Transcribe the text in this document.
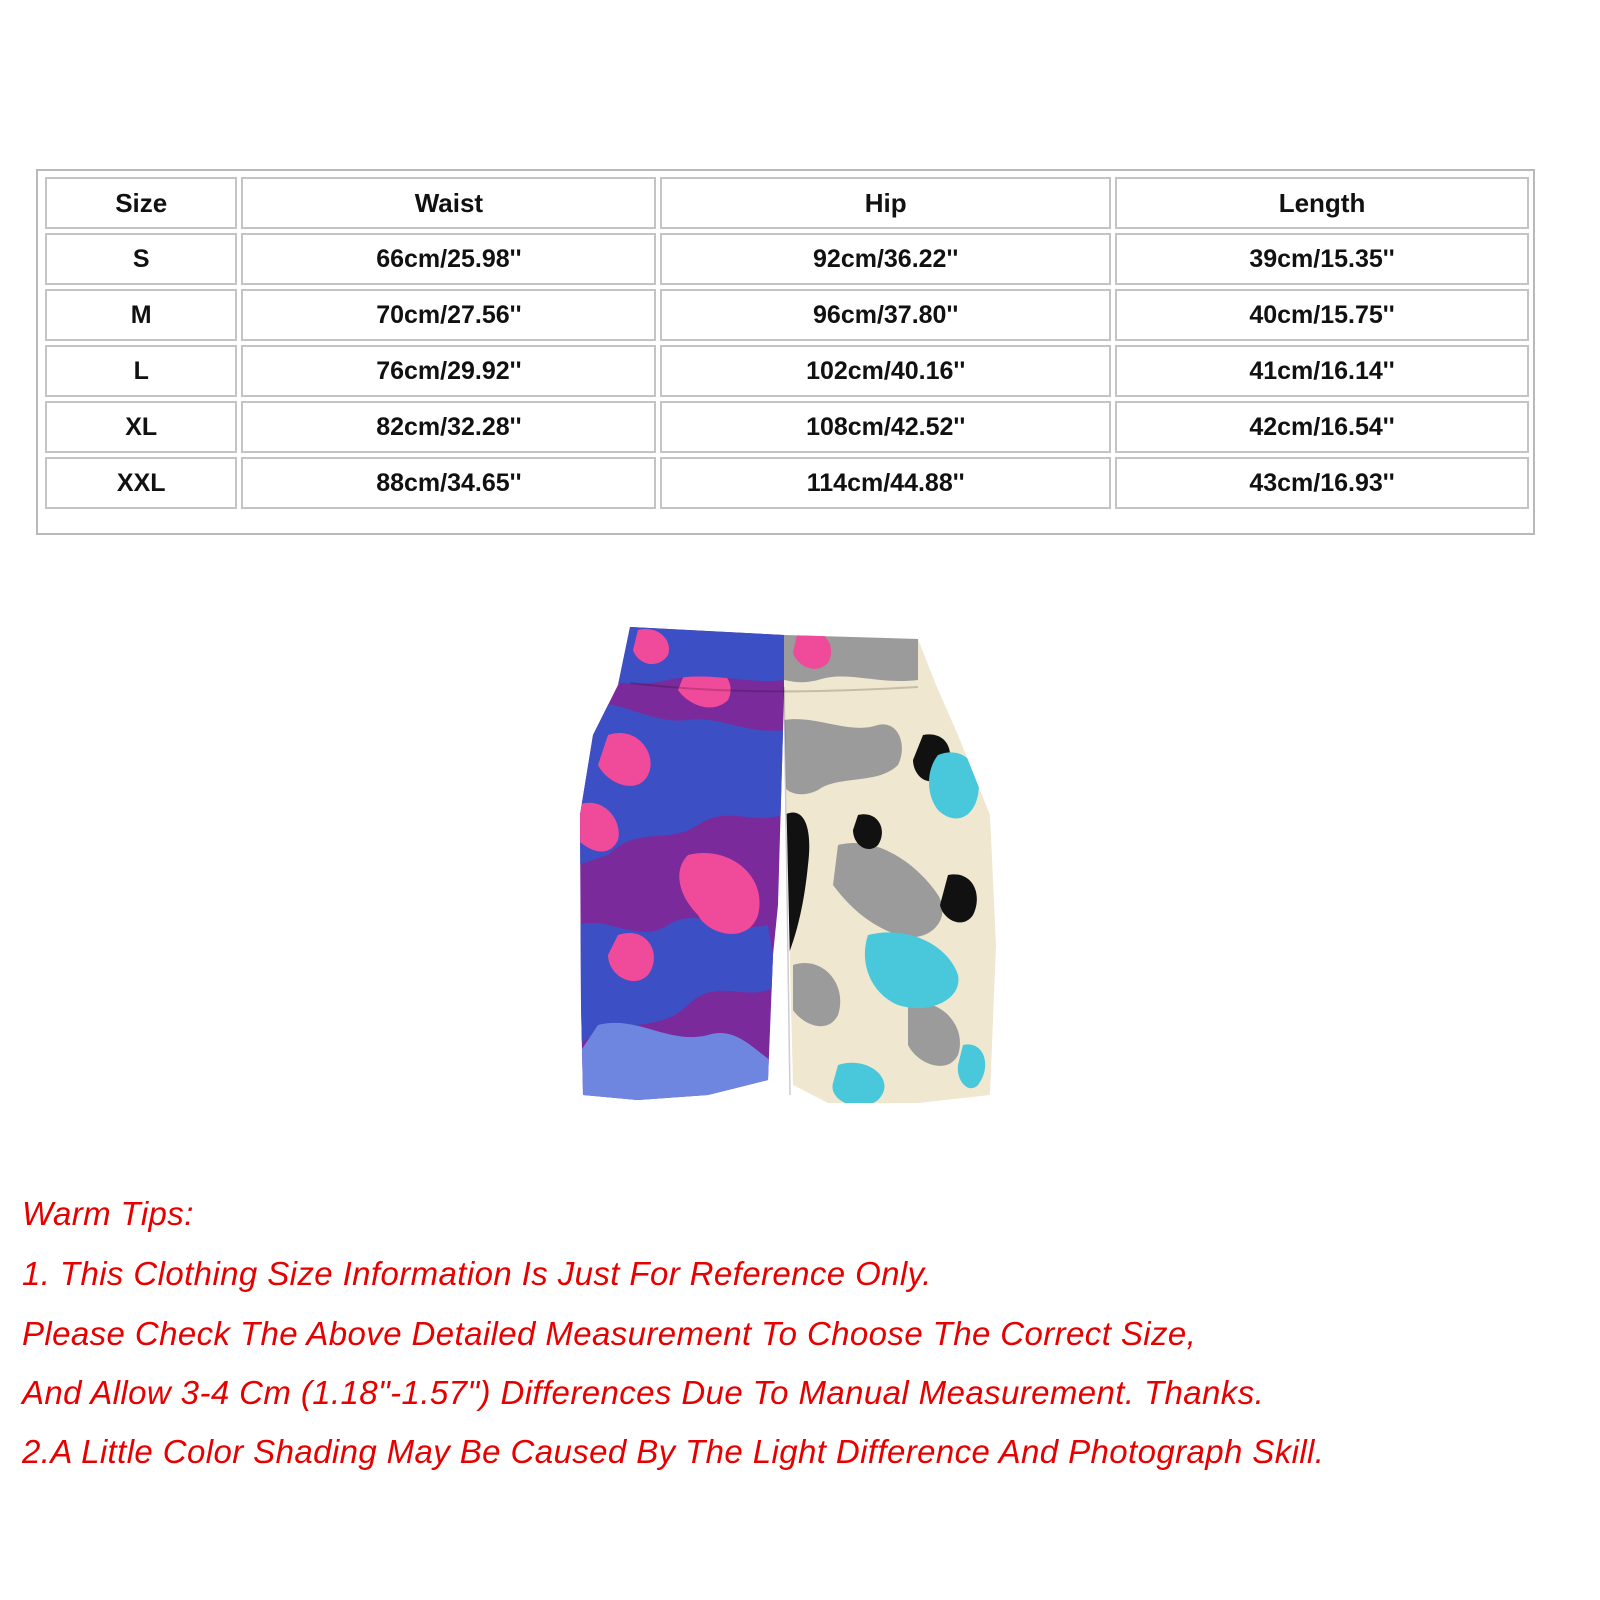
Size	Waist	Hip	Length
S	66cm/25.98''	92cm/36.22''	39cm/15.35''
M	70cm/27.56''	96cm/37.80''	40cm/15.75''
L	76cm/29.92''	102cm/40.16''	41cm/16.14''
XL	82cm/32.28''	108cm/42.52''	42cm/16.54''
XXL	88cm/34.65''	114cm/44.88''	43cm/16.93''
Warm Tips:
1. This Clothing Size Information Is Just For Reference Only.
Please Check The Above Detailed Measurement To Choose The Correct Size,
And Allow 3-4 Cm (1.18"-1.57") Differences Due To Manual Measurement. Thanks.
2.A Little Color Shading May Be Caused By The Light Difference And Photograph Skill.
